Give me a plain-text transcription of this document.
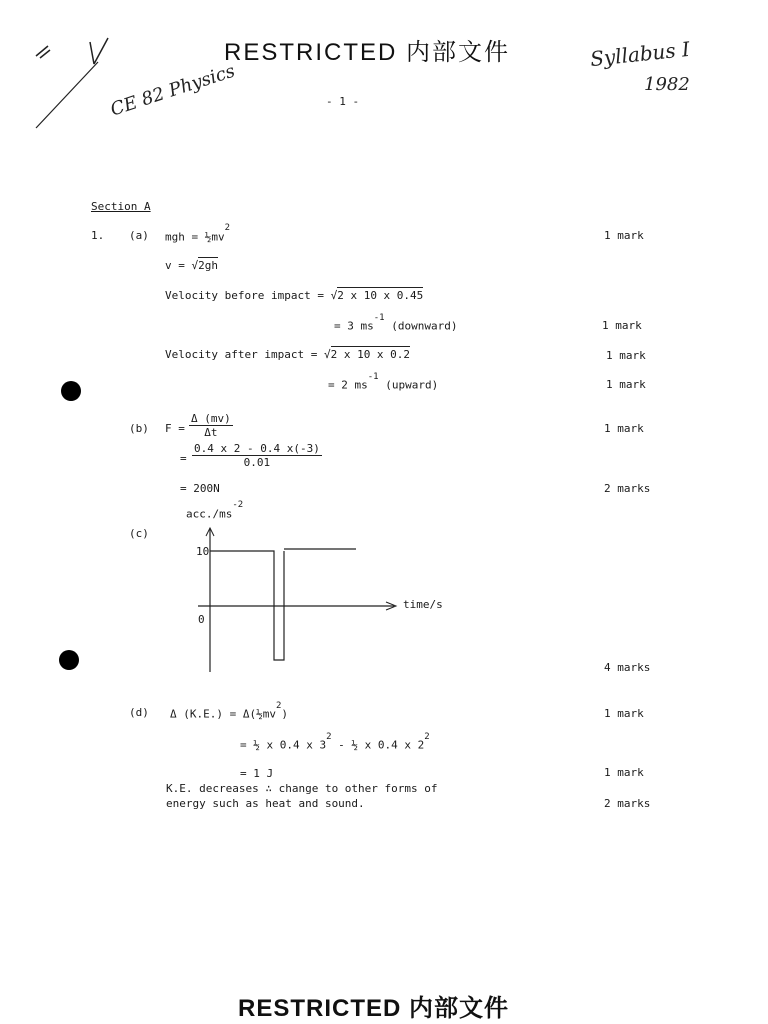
RESTRICTED 内部文件
- 1 -
CE 82 Physics
Syllabus I
1982
Section A
1. (a) mgh = $\frac{1}{2}mv^2$
v = √2gh
Velocity before impact = √2 x 10 x 0.45
= 3 $ms^{-1}$ (downward)
Velocity after impact = √2 x 10 x 0.2
= 2 $ms^{-1}$ (upward)
(b) $F = \frac{\Delta (mv)}{\Delta t}$
= $\frac{0.4 x 2 - 0.4 x(-3)}{0.01}$
= 200N
(c)
$acc./ms^{-2}$
10
0
time/s
(d) Δ $(K.E.) = \Delta(\frac{1}{2}mv^2)$
= ½ x 0.4 x $3^2$ - ½ x 0.4 x $2^2$
= 1 J
K.E. decreases ∴ change to other forms of
energy such as heat and sound.
1 mark
1 mark
1 mark
1 mark
1 mark
2 marks
4 marks
1 mark
1 mark
2 marks
RESTRICTED 内部文件
